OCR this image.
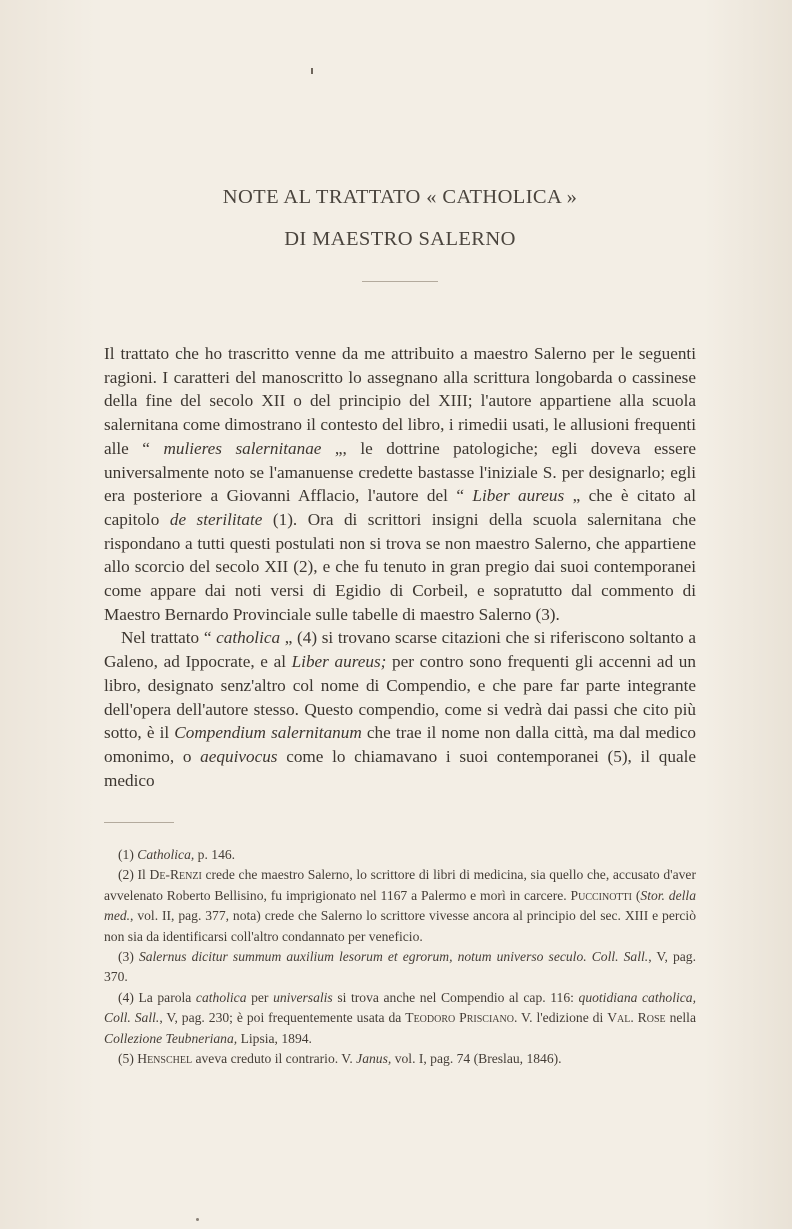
NOTE AL TRATTATO « CATHOLICA »
DI MAESTRO SALERNO

Il trattato che ho trascritto venne da me attribuito a maestro Salerno per le seguenti ragioni. I caratteri del manoscritto lo assegnano alla scrittura longobarda o cassinese della fine del secolo XII o del principio del XIII; l'autore appartiene alla scuola salernitana come dimostrano il contesto del libro, i rimedii usati, le allusioni frequenti alle “ mulieres salernitanae „, le dottrine patologiche; egli doveva essere universalmente noto se l'amanuense credette bastasse l'iniziale S. per designarlo; egli era posteriore a Giovanni Afflacio, l'autore del “ Liber aureus „ che è citato al capitolo de sterilitate (1). Ora di scrittori insigni della scuola salernitana che rispondano a tutti questi postulati non si trova se non maestro Salerno, che appartiene allo scorcio del secolo XII (2), e che fu tenuto in gran pregio dai suoi contemporanei come appare dai noti versi di Egidio di Corbeil, e sopratutto dal commento di Maestro Bernardo Provinciale sulle tabelle di maestro Salerno (3).

Nel trattato “ catholica „ (4) si trovano scarse citazioni che si riferiscono soltanto a Galeno, ad Ippocrate, e al Liber aureus; per contro sono frequenti gli accenni ad un libro, designato senz'altro col nome di Compendio, e che pare far parte integrante dell'opera dell'autore stesso. Questo compendio, come si vedrà dai passi che cito più sotto, è il Compendium salernitanum che trae il nome non dalla città, ma dal medico omonimo, o aequivocus come lo chiamavano i suoi contemporanei (5), il quale medico

(1) Catholica, p. 146.

(2) Il De-Renzi crede che maestro Salerno, lo scrittore di libri di medicina, sia quello che, accusato d'aver avvelenato Roberto Bellisino, fu imprigionato nel 1167 a Palermo e morì in carcere. Puccinotti (Stor. della med., vol. II, pag. 377, nota) crede che Salerno lo scrittore vivesse ancora al principio del sec. XIII e perciò non sia da identificarsi coll'altro condannato per veneficio.

(3) Salernus dicitur summum auxilium lesorum et egrorum, notum universo seculo. Coll. Sall., V, pag. 370.

(4) La parola catholica per universalis si trova anche nel Compendio al cap. 116: quotidiana catholica, Coll. Sall., V, pag. 230; è poi frequentemente usata da Teodoro Prisciano. V. l'edizione di Val. Rose nella Collezione Teubneriana, Lipsia, 1894.

(5) Henschel aveva creduto il contrario. V. Janus, vol. I, pag. 74 (Breslau, 1846).
